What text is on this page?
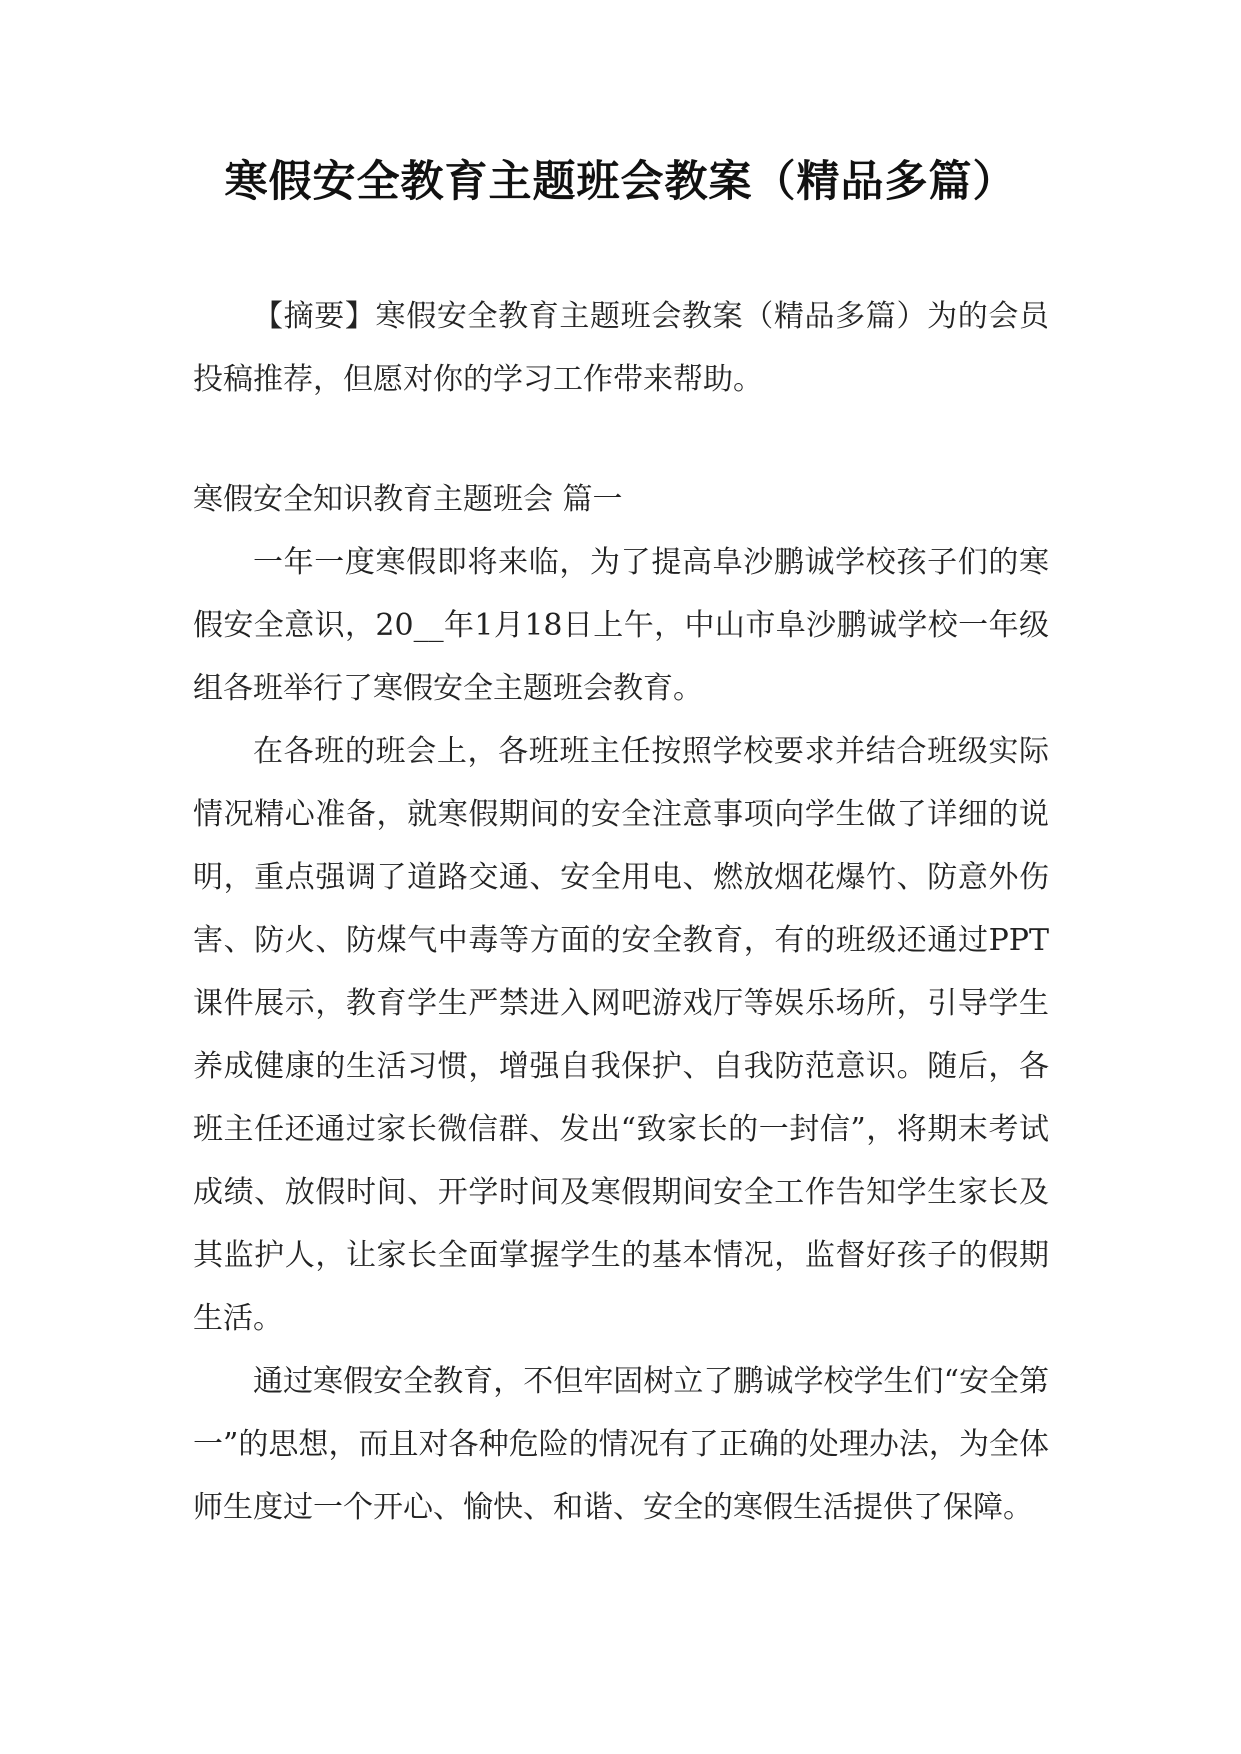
寒假安全教育主题班会教案（精品多篇）

【摘要】寒假安全教育主题班会教案（精品多篇）为的会员投稿推荐，但愿对你的学习工作带来帮助。

寒假安全知识教育主题班会 篇一

一年一度寒假即将来临，为了提高阜沙鹏诚学校孩子们的寒假安全意识，20__年1月18日上午，中山市阜沙鹏诚学校一年级组各班举行了寒假安全主题班会教育。

在各班的班会上，各班班主任按照学校要求并结合班级实际情况精心准备，就寒假期间的安全注意事项向学生做了详细的说明，重点强调了道路交通、安全用电、燃放烟花爆竹、防意外伤害、防火、防煤气中毒等方面的安全教育，有的班级还通过PPT课件展示，教育学生严禁进入网吧游戏厅等娱乐场所，引导学生养成健康的生活习惯，增强自我保护、自我防范意识。随后，各班主任还通过家长微信群、发出“致家长的一封信”，将期末考试成绩、放假时间、开学时间及寒假期间安全工作告知学生家长及其监护人，让家长全面掌握学生的基本情况，监督好孩子的假期生活。

通过寒假安全教育，不但牢固树立了鹏诚学校学生们“安全第一”的思想，而且对各种危险的情况有了正确的处理办法，为全体师生度过一个开心、愉快、和谐、安全的寒假生活提供了保障。
